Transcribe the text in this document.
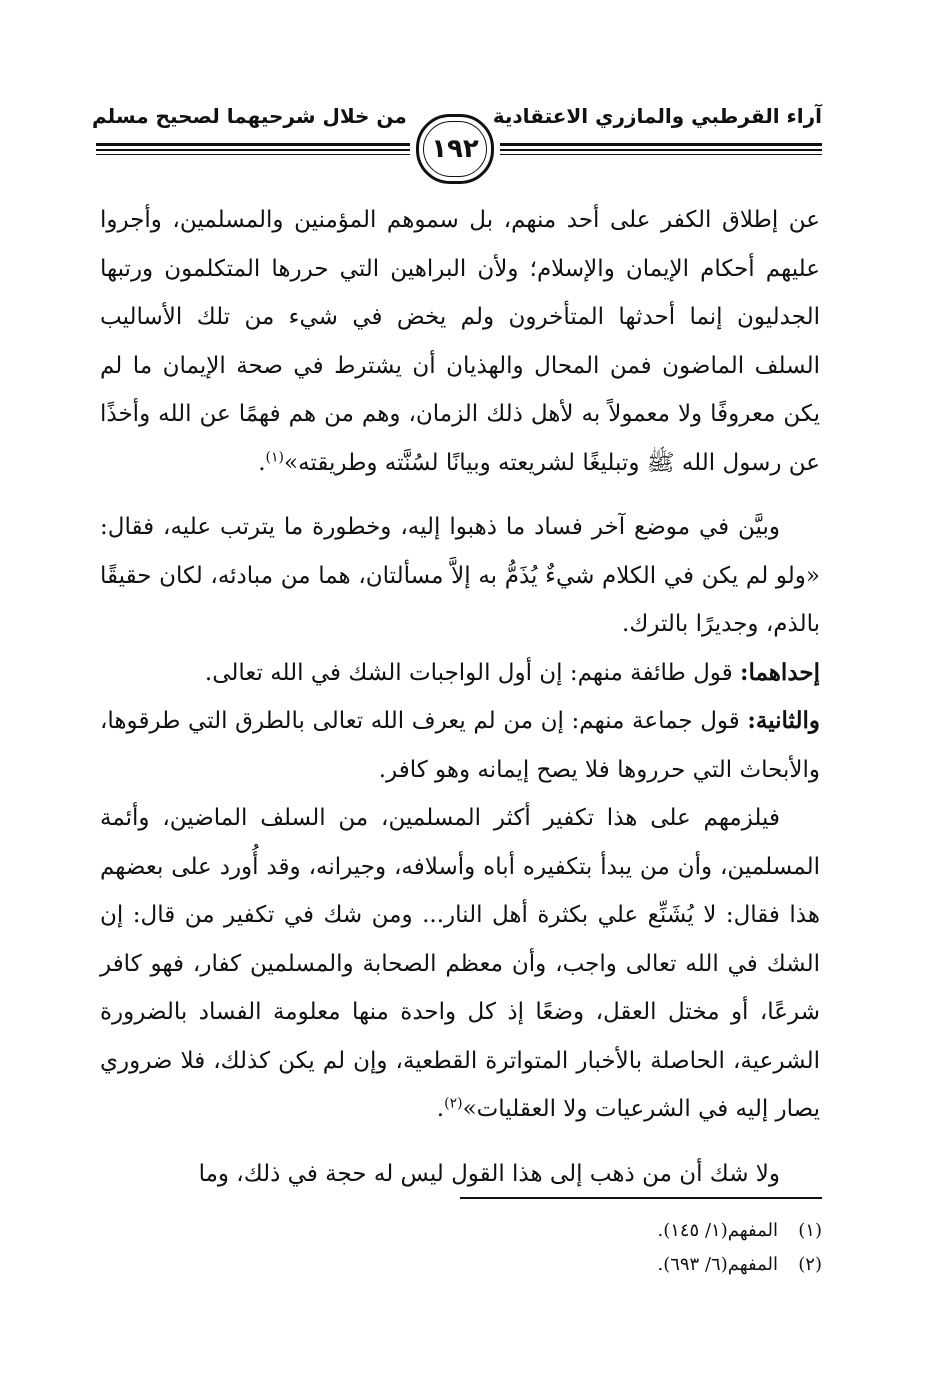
آراء القرطبي والمازري الاعتقادية
من خلال شرحيهما لصحيح مسلم
١٩٢

عن إطلاق الكفر على أحد منهم، بل سموهم المؤمنين والمسلمين، وأجروا عليهم أحكام الإيمان والإسلام؛ ولأن البراهين التي حررها المتكلمون ورتبها الجدليون إنما أحدثها المتأخرون ولم يخض في شيء من تلك الأساليب السلف الماضون فمن المحال والهذيان أن يشترط في صحة الإيمان ما لم يكن معروفًا ولا معمولاً به لأهل ذلك الزمان، وهم من هم فهمًا عن الله وأخذًا عن رسول الله ﷺ وتبليغًا لشريعته وبيانًا لسُنَّته وطريقته»$^{(١)}$.

وبيَّن في موضع آخر فساد ما ذهبوا إليه، وخطورة ما يترتب عليه، فقال: «ولو لم يكن في الكلام شيءٌ يُذَمُّ به إلاَّ مسألتان، هما من مبادئه، لكان حقيقًا بالذم، وجديرًا بالترك.

إحداهما: قول طائفة منهم: إن أول الواجبات الشك في الله تعالى.

والثانية: قول جماعة منهم: إن من لم يعرف الله تعالى بالطرق التي طرقوها، والأبحاث التي حرروها فلا يصح إيمانه وهو كافر.

فيلزمهم على هذا تكفير أكثر المسلمين، من السلف الماضين، وأئمة المسلمين، وأن من يبدأ بتكفيره أباه وأسلافه، وجيرانه، وقد أُورد على بعضهم هذا فقال: لا يُشَنِّع علي بكثرة أهل النار... ومن شك في تكفير من قال: إن الشك في الله تعالى واجب، وأن معظم الصحابة والمسلمين كفار، فهو كافر شرعًا، أو مختل العقل، وضعًا إذ كل واحدة منها معلومة الفساد بالضرورة الشرعية، الحاصلة بالأخبار المتواترة القطعية، وإن لم يكن كذلك، فلا ضروري يصار إليه في الشرعيات ولا العقليات»$^{(٢)}$.

ولا شك أن من ذهب إلى هذا القول ليس له حجة في ذلك، وما

(١)المفهم(١/ ١٤٥).
(٢)المفهم(٦/ ٦٩٣).
